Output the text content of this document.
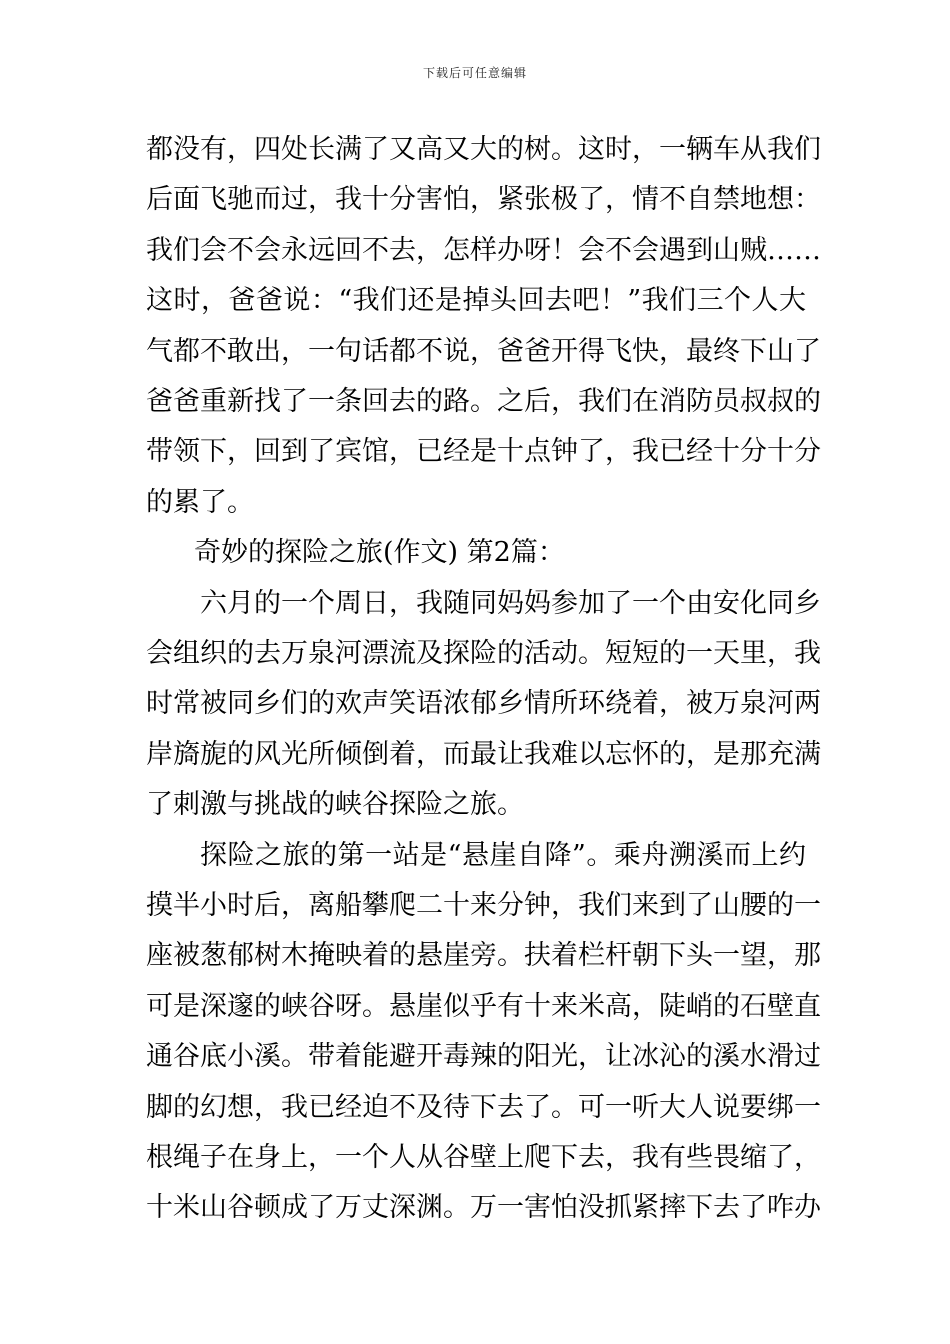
下载后可任意编辑
都没有，四处长满了又高又大的树。这时，一辆车从我们
后面飞驰而过，我十分害怕，紧张极了，情不自禁地想：
我们会不会永远回不去，怎样办呀！会不会遇到山贼……
这时，爸爸说：“我们还是掉头回去吧！”我们三个人大
气都不敢出，一句话都不说，爸爸开得飞快，最终下山了
爸爸重新找了一条回去的路。之后，我们在消防员叔叔的
带领下，回到了宾馆，已经是十点钟了，我已经十分十分
的累了。
奇妙的探险之旅(作文) 第2篇：
六月的一个周日，我随同妈妈参加了一个由安化同乡
会组织的去万泉河漂流及探险的活动。短短的一天里，我
时常被同乡们的欢声笑语浓郁乡情所环绕着，被万泉河两
岸旖旎的风光所倾倒着，而最让我难以忘怀的，是那充满
了刺激与挑战的峡谷探险之旅。
探险之旅的第一站是“悬崖自降”。乘舟溯溪而上约
摸半小时后，离船攀爬二十来分钟，我们来到了山腰的一
座被葱郁树木掩映着的悬崖旁。扶着栏杆朝下头一望，那
可是深邃的峡谷呀。悬崖似乎有十来米高，陡峭的石壁直
通谷底小溪。带着能避开毒辣的阳光，让冰沁的溪水滑过
脚的幻想，我已经迫不及待下去了。可一听大人说要绑一
根绳子在身上，一个人从谷壁上爬下去，我有些畏缩了，
十米山谷顿成了万丈深渊。万一害怕没抓紧摔下去了咋办
